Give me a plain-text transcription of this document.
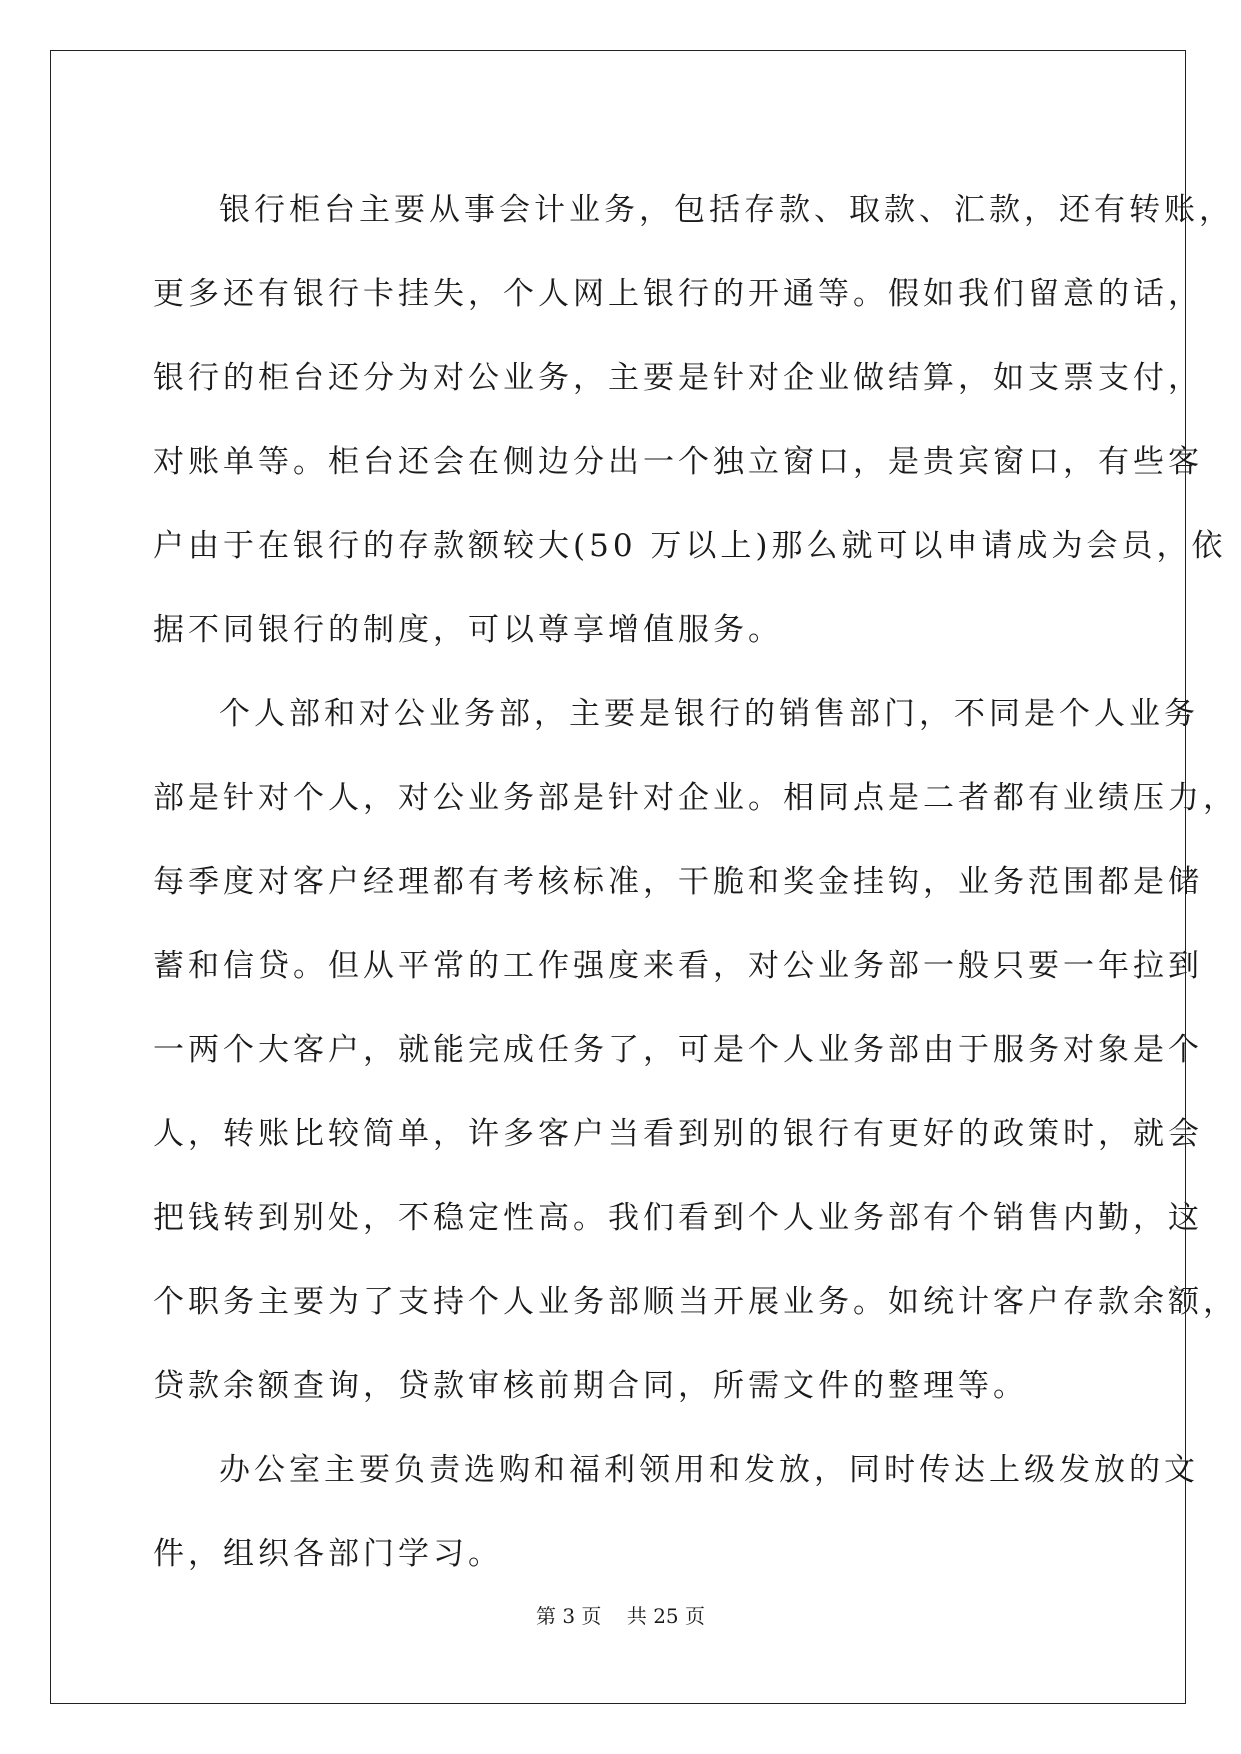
银行柜台主要从事会计业务，包括存款、取款、汇款，还有转账，
更多还有银行卡挂失，个人网上银行的开通等。假如我们留意的话，
银行的柜台还分为对公业务，主要是针对企业做结算，如支票支付，
对账单等。柜台还会在侧边分出一个独立窗口，是贵宾窗口，有些客
户由于在银行的存款额较大(50 万以上)那么就可以申请成为会员，依
据不同银行的制度，可以尊享增值服务。
个人部和对公业务部，主要是银行的销售部门，不同是个人业务
部是针对个人，对公业务部是针对企业。相同点是二者都有业绩压力，
每季度对客户经理都有考核标准，干脆和奖金挂钩，业务范围都是储
蓄和信贷。但从平常的工作强度来看，对公业务部一般只要一年拉到
一两个大客户，就能完成任务了，可是个人业务部由于服务对象是个
人，转账比较简单，许多客户当看到别的银行有更好的政策时，就会
把钱转到别处，不稳定性高。我们看到个人业务部有个销售内勤，这
个职务主要为了支持个人业务部顺当开展业务。如统计客户存款余额，
贷款余额查询，贷款审核前期合同，所需文件的整理等。
办公室主要负责选购和福利领用和发放，同时传达上级发放的文
件，组织各部门学习。
第 3 页    共 25 页
